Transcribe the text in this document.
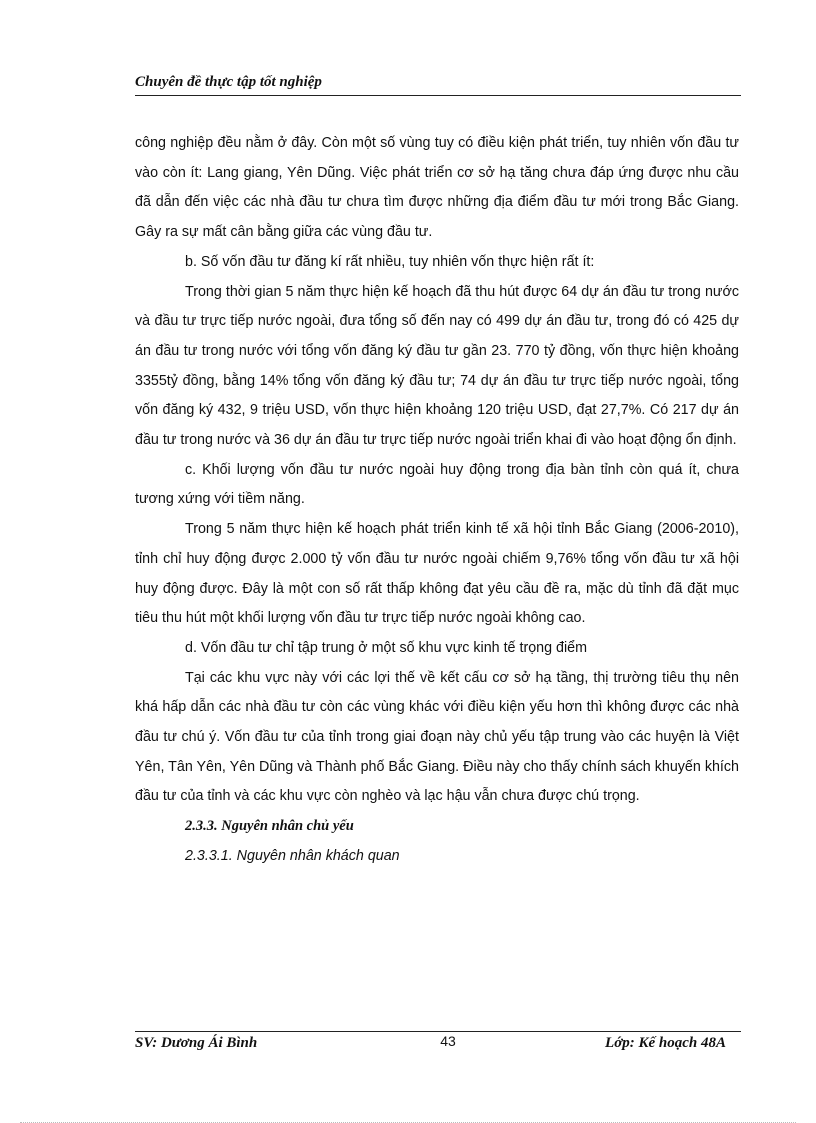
Chuyên đề thực tập tốt nghiệp

công nghiệp đều nằm ở đây. Còn một số vùng tuy có điều kiện phát triển, tuy nhiên vốn đầu tư vào còn ít: Lang giang, Yên Dũng. Việc phát triển cơ sở hạ tăng chưa đáp ứng được nhu cầu đã dẫn đến việc các nhà đầu tư chưa tìm được những địa điểm đầu tư mới trong Bắc Giang. Gây ra sự mất cân bằng giữa các vùng đầu tư.

b. Số vốn đầu tư đăng kí rất nhiều, tuy nhiên vốn thực hiện rất ít:

Trong thời gian 5 năm thực hiện kế hoạch đã thu hút được 64 dự án đầu tư trong nước và đầu tư trực tiếp nước ngoài, đưa tổng số đến nay có 499 dự án đầu tư, trong đó có 425 dự án đầu tư trong nước với tổng vốn đăng ký đầu tư gần 23. 770 tỷ đồng, vốn thực hiện khoảng 3355tỷ đồng, bằng 14% tổng vốn đăng ký đầu tư; 74 dự án đầu tư trực tiếp nước ngoài, tổng vốn đăng ký 432, 9 triệu USD, vốn thực hiện khoảng 120 triệu USD, đạt 27,7%. Có 217 dự án đầu tư trong nước và 36 dự án đầu tư trực tiếp nước ngoài triển khai đi vào hoạt động ổn định.

c. Khối lượng vốn đầu tư nước ngoài huy động trong địa bàn tỉnh còn quá ít, chưa tương xứng với tiềm năng.

Trong 5 năm thực hiện kế hoạch phát triển kinh tế xã hội tỉnh Bắc Giang (2006-2010), tỉnh chỉ huy động được 2.000 tỷ vốn đầu tư nước ngoài chiếm 9,76% tổng vốn đầu tư xã hội huy động được. Đây là một con số rất thấp không đạt yêu cầu đề ra, mặc dù tỉnh đã đặt mục tiêu thu hút một khối lượng vốn đầu tư trực tiếp nước ngoài không cao.

d. Vốn đầu tư chỉ tập trung ở một số khu vực kinh tế trọng điểm

Tại các khu vực này với các lợi thế về kết cấu cơ sở hạ tầng, thị trường tiêu thụ nên khá hấp dẫn các nhà đầu tư còn các vùng khác với điều kiện yếu hơn thì không được các nhà đầu tư chú ý. Vốn đầu tư của tỉnh trong giai đoạn này chủ yếu tập trung vào các huyện là Việt Yên, Tân Yên, Yên Dũng và Thành phố Bắc Giang. Điều này cho thấy chính sách khuyến khích đầu tư của tỉnh và các khu vực còn nghèo và lạc hậu vẫn chưa được chú trọng.

2.3.3. Nguyên nhân chủ yếu
2.3.3.1. Nguyên nhân khách quan
SV: Dương Ái Bình	43	Lớp: Kế hoạch 48A
